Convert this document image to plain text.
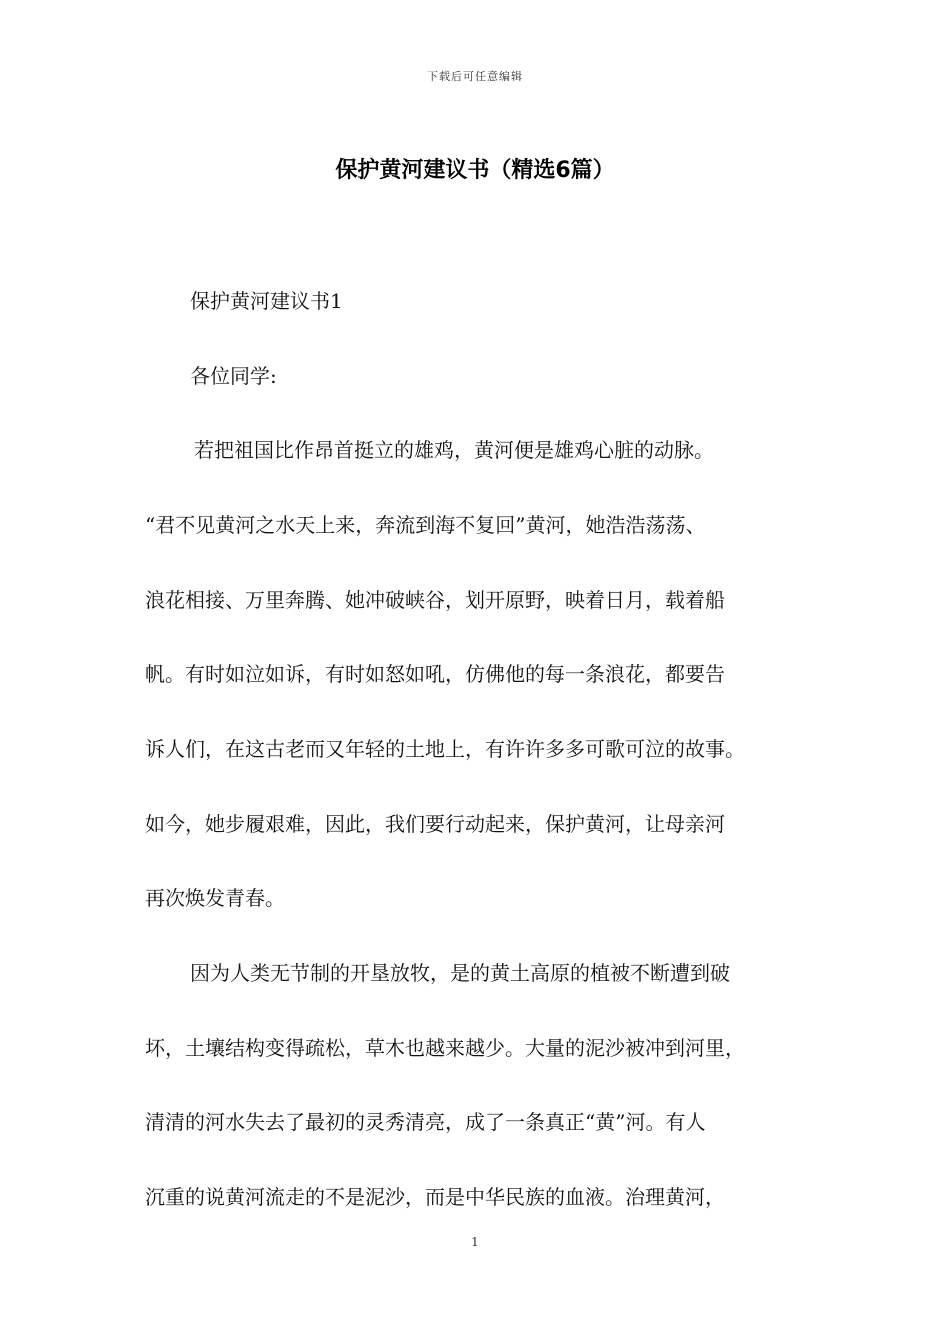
下载后可任意编辑
保护黄河建议书（精选6篇）
保护黄河建议书1
各位同学:
若把祖国比作昂首挺立的雄鸡，黄河便是雄鸡心脏的动脉。
“君不见黄河之水天上来，奔流到海不复回”黄河，她浩浩荡荡、
浪花相接、万里奔腾、她冲破峡谷，划开原野，映着日月，载着船
帆。有时如泣如诉，有时如怒如吼，仿佛他的每一条浪花，都要告
诉人们，在这古老而又年轻的土地上，有许许多多可歌可泣的故事。
如今，她步履艰难，因此，我们要行动起来，保护黄河，让母亲河
再次焕发青春。
因为人类无节制的开垦放牧，是的黄土高原的植被不断遭到破
坏，土壤结构变得疏松，草木也越来越少。大量的泥沙被冲到河里，
清清的河水失去了最初的灵秀清亮，成了一条真正“黄”河。有人
沉重的说黄河流走的不是泥沙，而是中华民族的血液。治理黄河，
1
